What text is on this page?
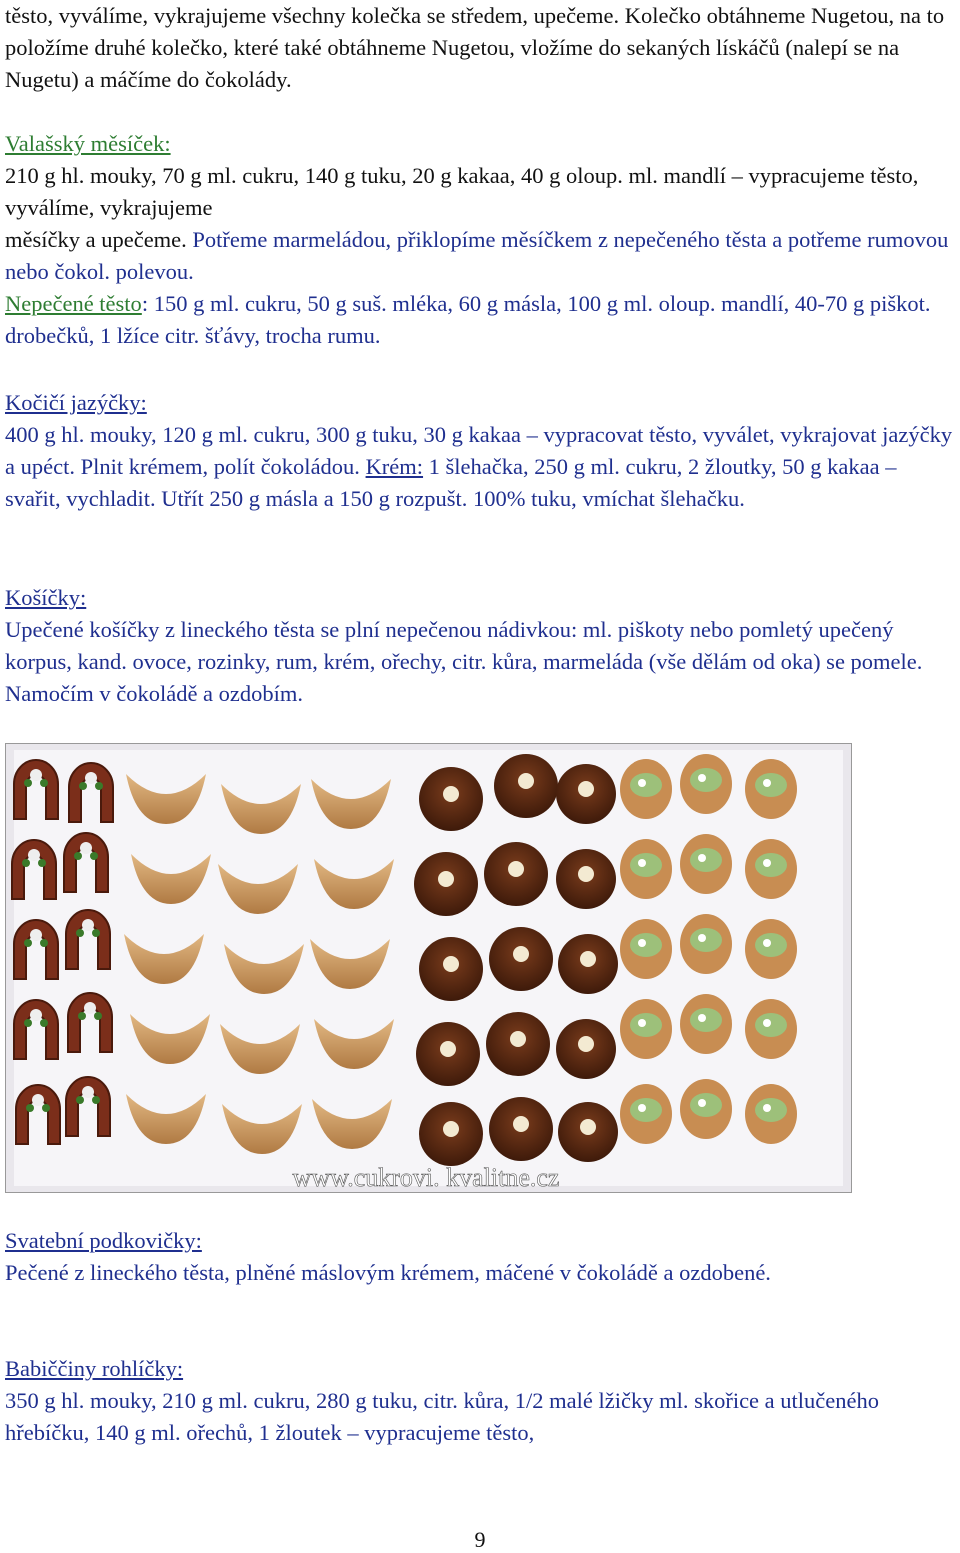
těsto, vyválíme, vykrajujeme všechny kolečka se středem, upečeme. Kolečko obtáhneme Nugetou, na to položíme druhé kolečko, které také obtáhneme Nugetou, vložíme do sekaných lískáčů (nalepí se na Nugetu) a máčíme do čokolády.

Valašský měsíček:
210 g hl. mouky, 70 g ml. cukru, 140 g tuku, 20 g kakaa, 40 g oloup. ml. mandlí – vypracujeme těsto, vyválíme, vykrajujeme
měsíčky a upečeme. Potřeme marmeládou, přiklopíme měsíčkem z nepečeného těsta a potřeme rumovou nebo čokol. polevou.
Nepečené těsto: 150 g ml. cukru, 50 g suš. mléka, 60 g másla, 100 g ml. oloup. mandlí, 40-70 g piškot. drobečků, 1 lžíce citr. šťávy, trocha rumu.

Kočičí jazýčky:
400 g hl. mouky, 120 g ml. cukru, 300 g tuku, 30 g kakaa – vypracovat těsto, vyválet, vykrajovat jazýčky a upéct. Plnit krémem, polít čokoládou. Krém: 1 šlehačka, 250 g ml. cukru, 2 žloutky, 50 g kakaa – svařit, vychladit. Utřít 250 g másla a 150 g rozpušt. 100% tuku, vmíchat šlehačku.

Košíčky:
Upečené košíčky z lineckého těsta se plní nepečenou nádivkou: ml. piškoty nebo pomletý upečený korpus, kand. ovoce, rozinky, rum, krém, ořechy, citr. kůra, marmeláda (vše dělám od oka) se pomele. Namočím v čokoládě a ozdobím.

www.cukrovi. kvalitne.cz

Svatební podkovičky:
Pečené z lineckého těsta, plněné máslovým krémem, máčené v čokoládě a ozdobené.

Babiččiny rohlíčky:
350 g hl. mouky, 210 g ml. cukru, 280 g tuku, citr. kůra, 1/2 malé lžičky ml. skořice a utlučeného hřebíčku, 140 g ml. ořechů, 1 žloutek – vypracujeme těsto,

9
